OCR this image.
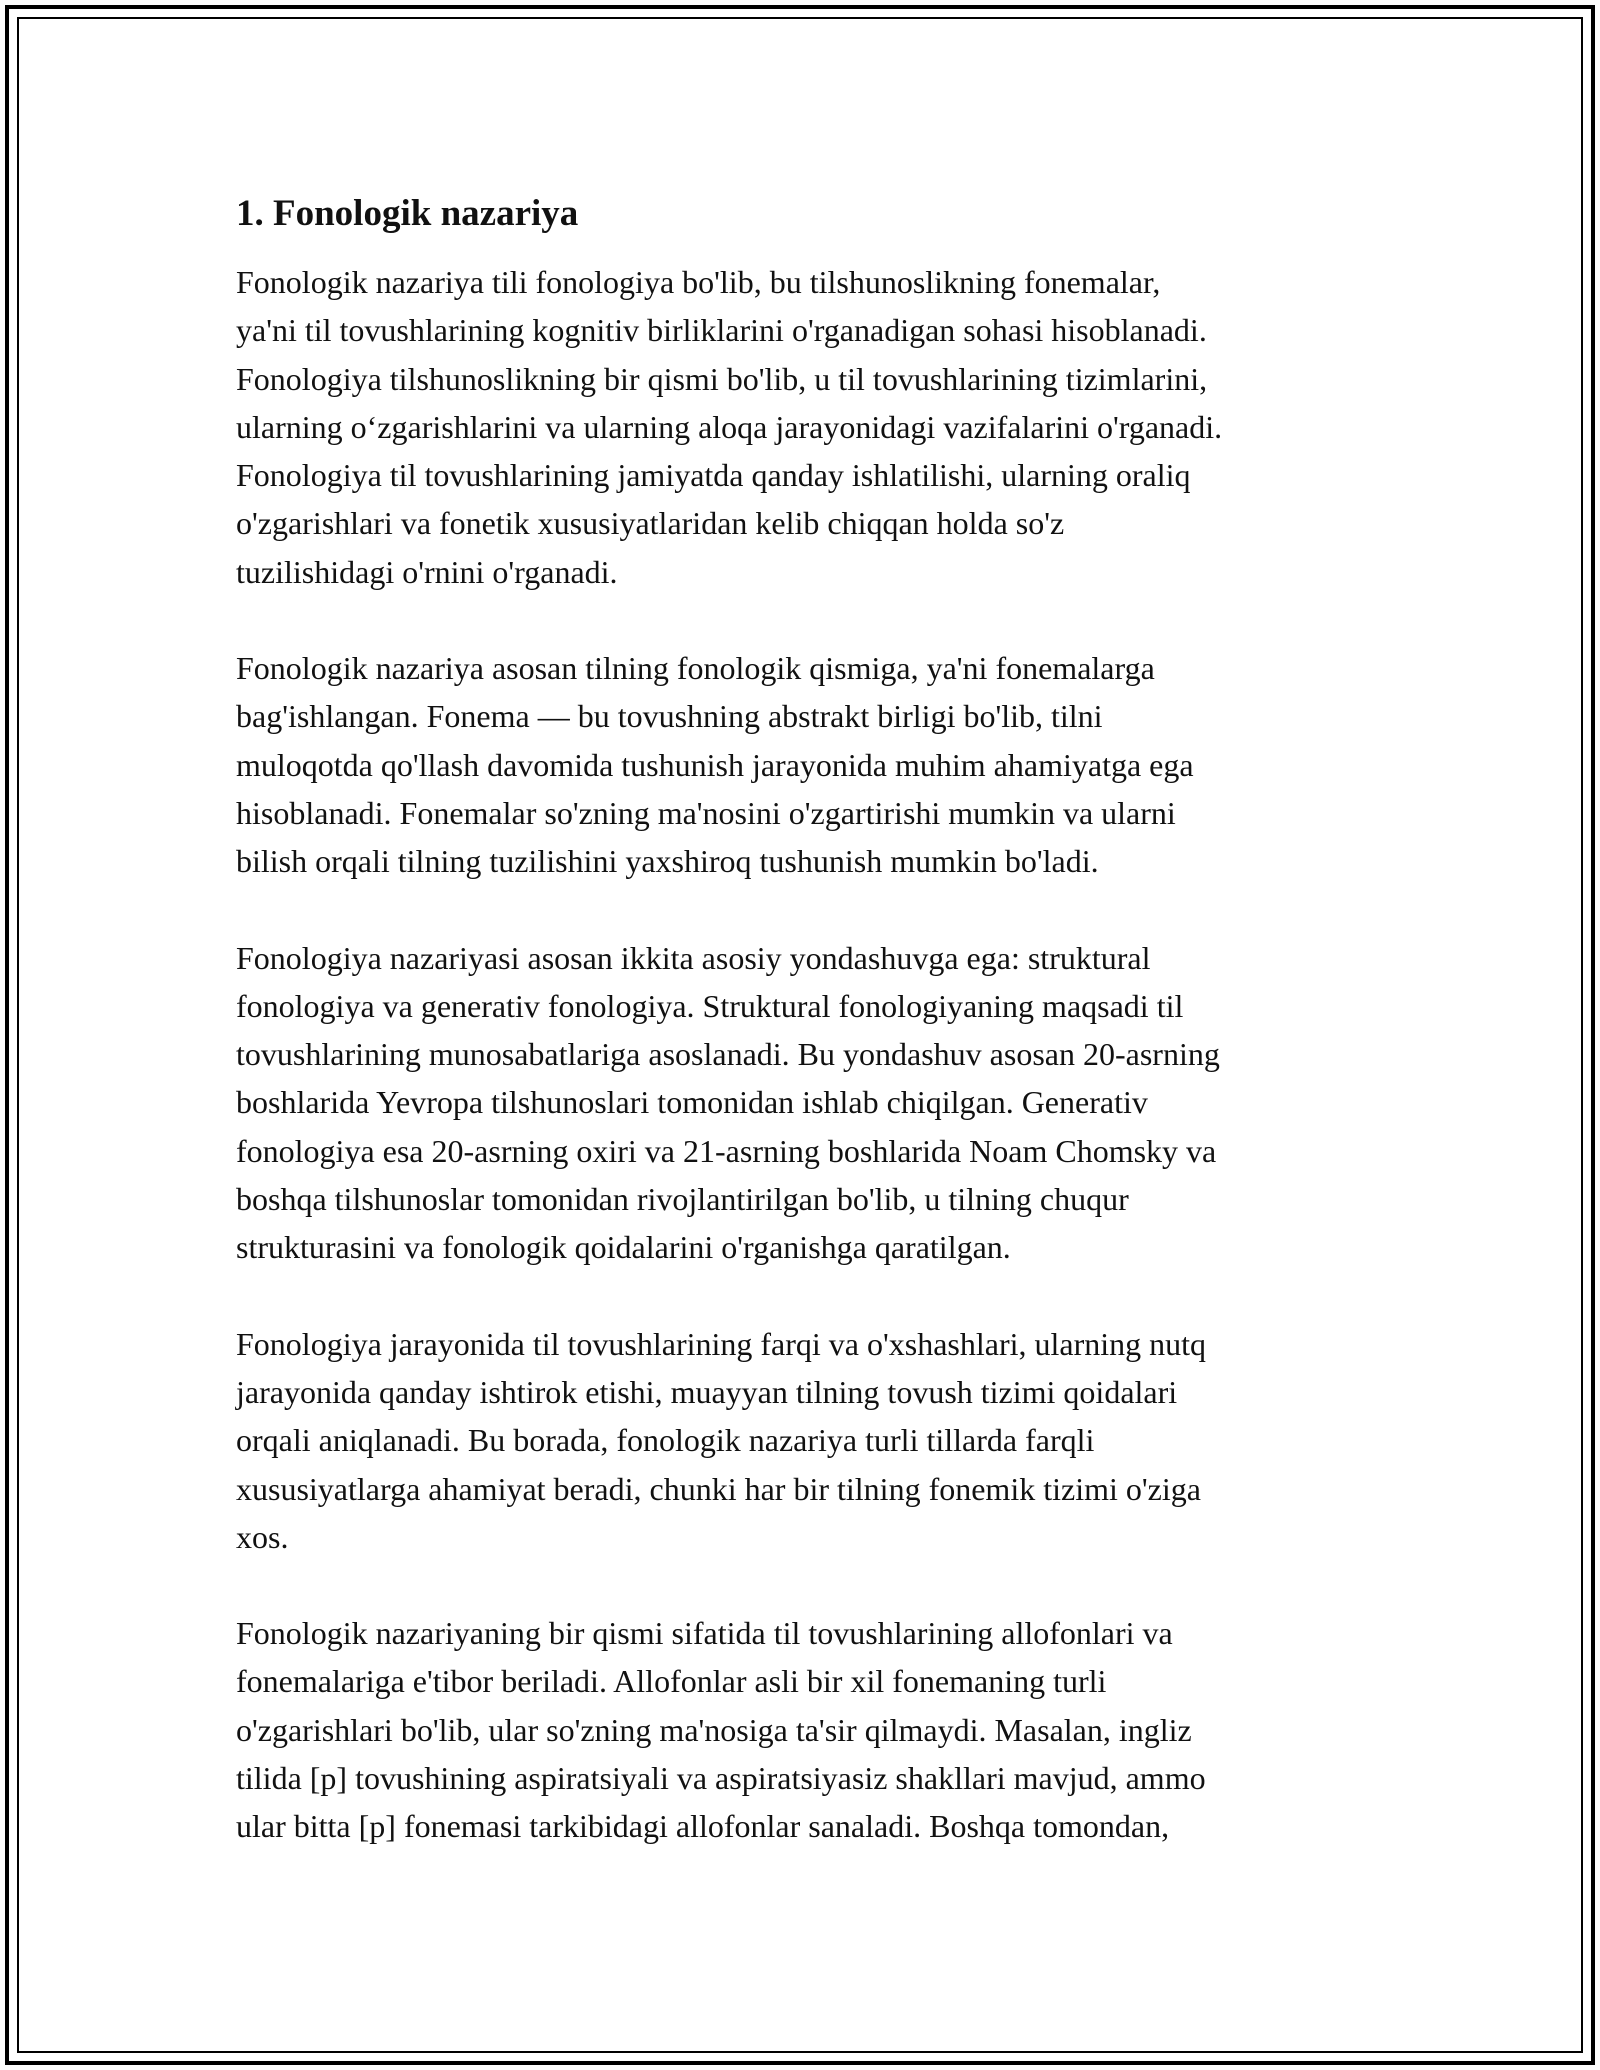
1. Fonologik nazariya

Fonologik nazariya tili fonologiya bo'lib, bu tilshunoslikning fonemalar,
ya'ni til tovushlarining kognitiv birliklarini o'rganadigan sohasi hisoblanadi.
Fonologiya tilshunoslikning bir qismi bo'lib, u til tovushlarining tizimlarini,
ularning o‘zgarishlarini va ularning aloqa jarayonidagi vazifalarini o'rganadi.
Fonologiya til tovushlarining jamiyatda qanday ishlatilishi, ularning oraliq
o'zgarishlari va fonetik xususiyatlaridan kelib chiqqan holda so'z
tuzilishidagi o'rnini o'rganadi.

Fonologik nazariya asosan tilning fonologik qismiga, ya'ni fonemalarga
bag'ishlangan. Fonema — bu tovushning abstrakt birligi bo'lib, tilni
muloqotda qo'llash davomida tushunish jarayonida muhim ahamiyatga ega
hisoblanadi. Fonemalar so'zning ma'nosini o'zgartirishi mumkin va ularni
bilish orqali tilning tuzilishini yaxshiroq tushunish mumkin bo'ladi.

Fonologiya nazariyasi asosan ikkita asosiy yondashuvga ega: struktural
fonologiya va generativ fonologiya. Struktural fonologiyaning maqsadi til
tovushlarining munosabatlariga asoslanadi. Bu yondashuv asosan 20-asrning
boshlarida Yevropa tilshunoslari tomonidan ishlab chiqilgan. Generativ
fonologiya esa 20-asrning oxiri va 21-asrning boshlarida Noam Chomsky va
boshqa tilshunoslar tomonidan rivojlantirilgan bo'lib, u tilning chuqur
strukturasini va fonologik qoidalarini o'rganishga qaratilgan.

Fonologiya jarayonida til tovushlarining farqi va o'xshashlari, ularning nutq
jarayonida qanday ishtirok etishi, muayyan tilning tovush tizimi qoidalari
orqali aniqlanadi. Bu borada, fonologik nazariya turli tillarda farqli
xususiyatlarga ahamiyat beradi, chunki har bir tilning fonemik tizimi o'ziga
xos.

Fonologik nazariyaning bir qismi sifatida til tovushlarining allofonlari va
fonemalariga e'tibor beriladi. Allofonlar asli bir xil fonemaning turli
o'zgarishlari bo'lib, ular so'zning ma'nosiga ta'sir qilmaydi. Masalan, ingliz
tilida [p] tovushining aspiratsiyali va aspiratsiyasiz shakllari mavjud, ammo
ular bitta [p] fonemasi tarkibidagi allofonlar sanaladi. Boshqa tomondan,
